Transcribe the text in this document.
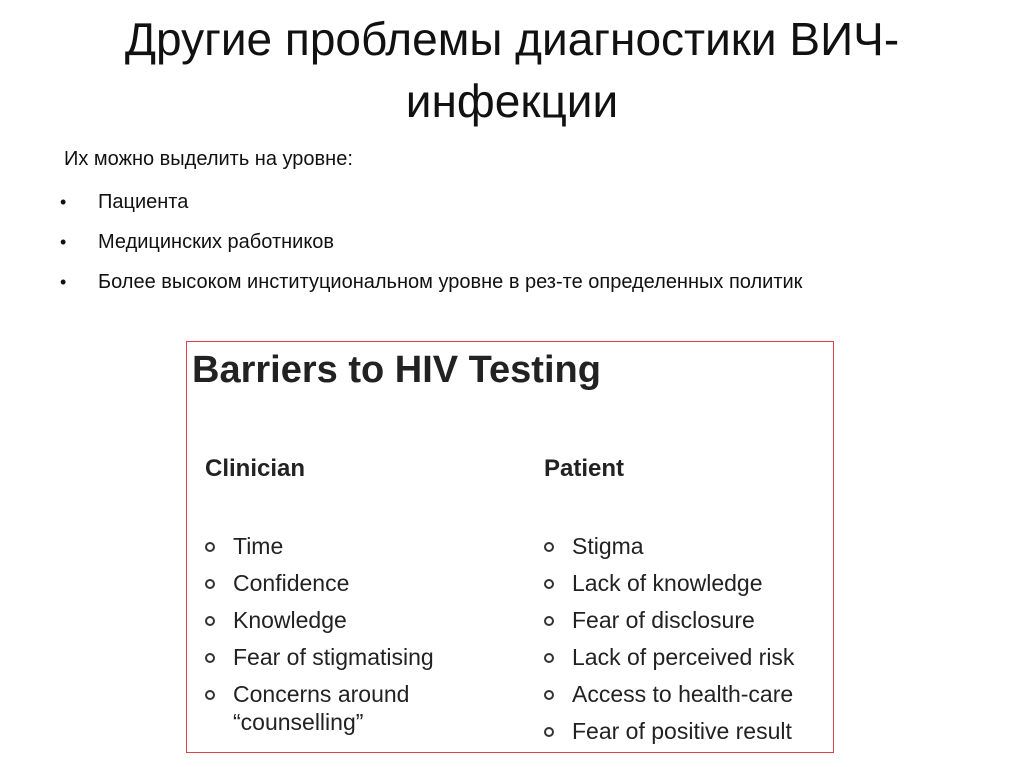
Другие проблемы диагностики ВИЧ-инфекции

Их можно выделить на уровне:

• Пациента
• Медицинских работников
• Более высоком институциональном уровне в рез-те определенных политик
Barriers to HIV Testing
Clinician
Time
Confidence
Knowledge
Fear of stigmatising
Concerns around “counselling”
Patient
Stigma
Lack of knowledge
Fear of disclosure
Lack of perceived risk
Access to health-care
Fear of positive result
